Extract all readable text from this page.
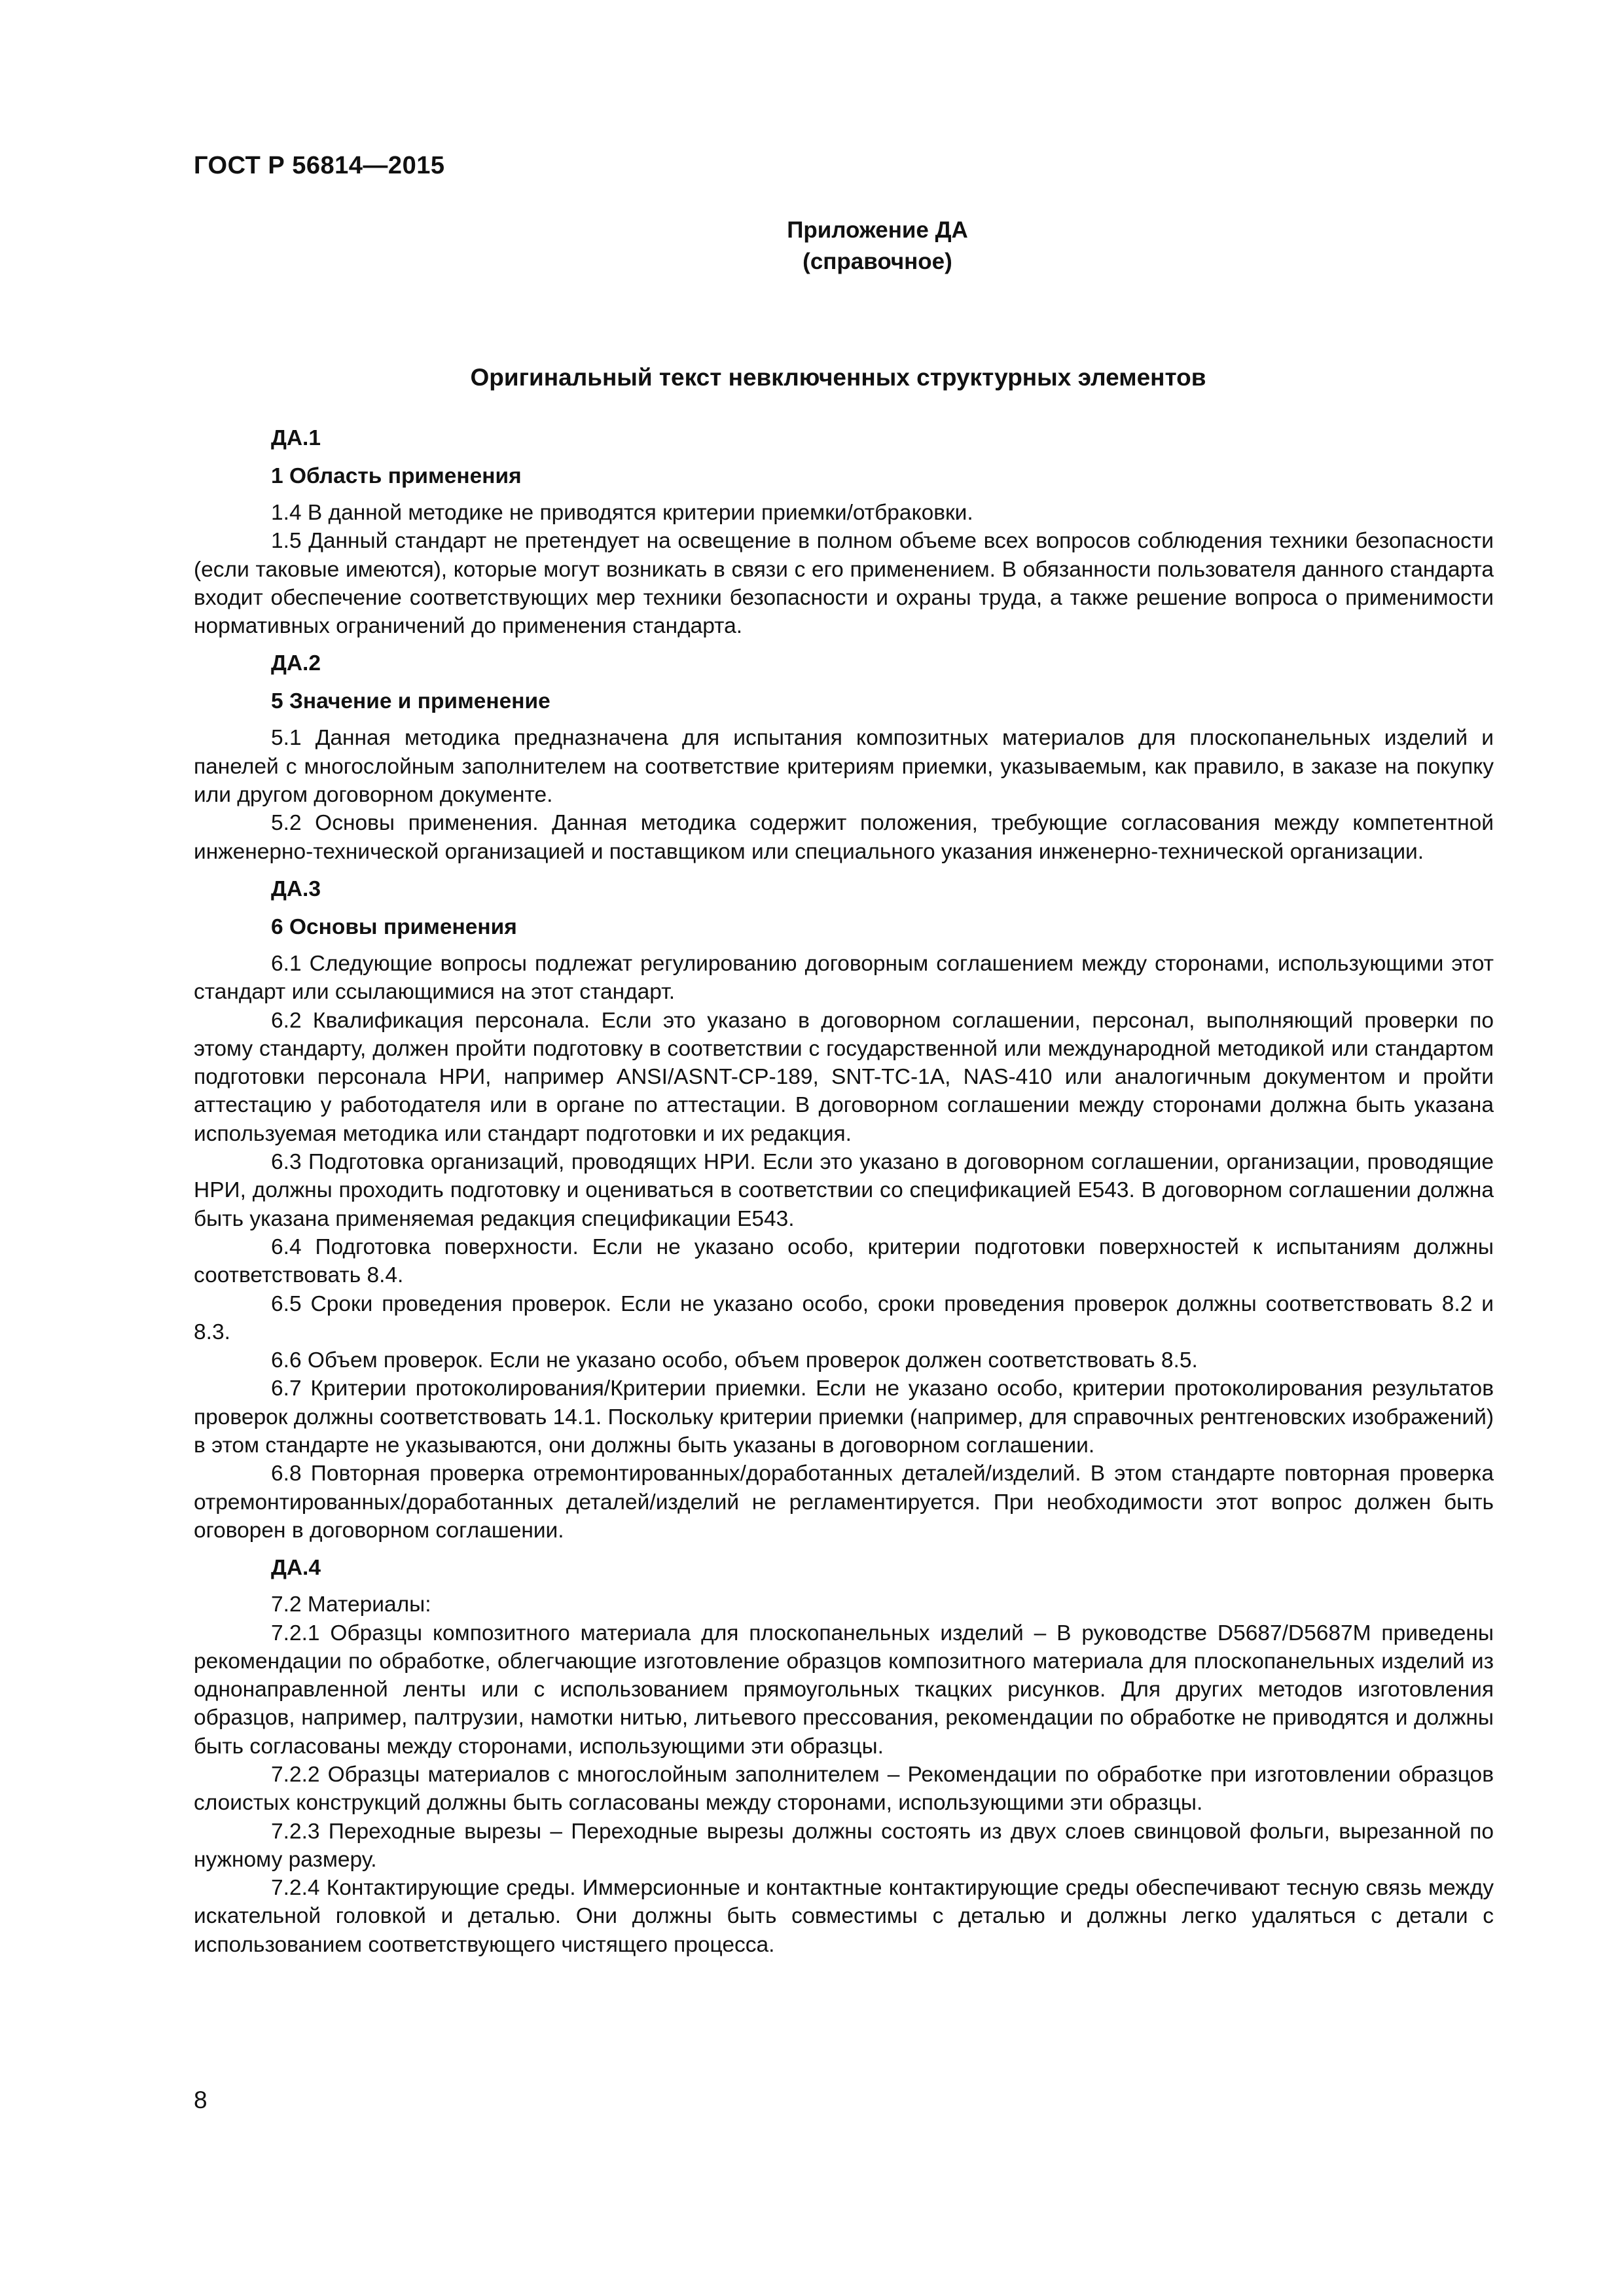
ГОСТ Р 56814—2015
Приложение ДА
(справочное)
Оригинальный текст невключенных структурных элементов
ДА.1
1 Область применения

1.4 В данной методике не приводятся критерии приемки/отбраковки.

1.5 Данный стандарт не претендует на освещение в полном объеме всех вопросов соблюдения техники безопасности (если таковые имеются), которые могут возникать в связи с его применением. В обязанности пользователя данного стандарта входит обеспечение соответствующих мер техники безопасности и охраны труда, а также решение вопроса о применимости нормативных ограничений до применения стандарта.

ДА.2
5 Значение и применение

5.1 Данная методика предназначена для испытания композитных материалов для плоскопанельных изделий и панелей с многослойным заполнителем на соответствие критериям приемки, указываемым, как правило, в заказе на покупку или другом договорном документе.

5.2 Основы применения. Данная методика содержит положения, требующие согласования между компетентной инженерно-технической организацией и поставщиком или специального указания инженерно-технической организации.

ДА.3
6 Основы применения

6.1 Следующие вопросы подлежат регулированию договорным соглашением между сторонами, использующими этот стандарт или ссылающимися на этот стандарт.

6.2 Квалификация персонала. Если это указано в договорном соглашении, персонал, выполняющий проверки по этому стандарту, должен пройти подготовку в соответствии с государственной или международной методикой или стандартом подготовки персонала НРИ, например ANSI/ASNT-CP-189, SNT-TC-1A, NAS-410 или аналогичным документом и пройти аттестацию у работодателя или в органе по аттестации. В договорном соглашении между сторонами должна быть указана используемая методика или стандарт подготовки и их редакция.

6.3 Подготовка организаций, проводящих НРИ. Если это указано в договорном соглашении, организации, проводящие НРИ, должны проходить подготовку и оцениваться в соответствии со спецификацией E543. В договорном соглашении должна быть указана применяемая редакция спецификации E543.

6.4 Подготовка поверхности. Если не указано особо, критерии подготовки поверхностей к испытаниям должны соответствовать 8.4.

6.5 Сроки проведения проверок. Если не указано особо, сроки проведения проверок должны соответствовать 8.2 и 8.3.

6.6 Объем проверок. Если не указано особо, объем проверок должен соответствовать 8.5.

6.7 Критерии протоколирования/Критерии приемки. Если не указано особо, критерии протоколирования результатов проверок должны соответствовать 14.1. Поскольку критерии приемки (например, для справочных рентгеновских изображений) в этом стандарте не указываются, они должны быть указаны в договорном соглашении.

6.8 Повторная проверка отремонтированных/доработанных деталей/изделий. В этом стандарте повторная проверка отремонтированных/доработанных деталей/изделий не регламентируется. При необходимости этот вопрос должен быть оговорен в договорном соглашении.

ДА.4

7.2 Материалы:

7.2.1 Образцы композитного материала для плоскопанельных изделий – В руководстве D5687/D5687M приведены рекомендации по обработке, облегчающие изготовление образцов композитного материала для плоскопанельных изделий из однонаправленной ленты или с использованием прямоугольных ткацких рисунков. Для других методов изготовления образцов, например, пaлтрузии, намотки нитью, литьевого прессования, рекомендации по обработке не приводятся и должны быть согласованы между сторонами, использующими эти образцы.

7.2.2 Образцы материалов с многослойным заполнителем – Рекомендации по обработке при изготовлении образцов слоистых конструкций должны быть согласованы между сторонами, использующими эти образцы.

7.2.3 Переходные вырезы – Переходные вырезы должны состоять из двух слоев свинцовой фольги, вырезанной по нужному размеру.

7.2.4 Контактирующие среды. Иммерсионные и контактные контактирующие среды обеспечивают тесную связь между искательной головкой и деталью. Они должны быть совместимы с деталью и должны легко удаляться с детали с использованием соответствующего чистящего процесса.

8
